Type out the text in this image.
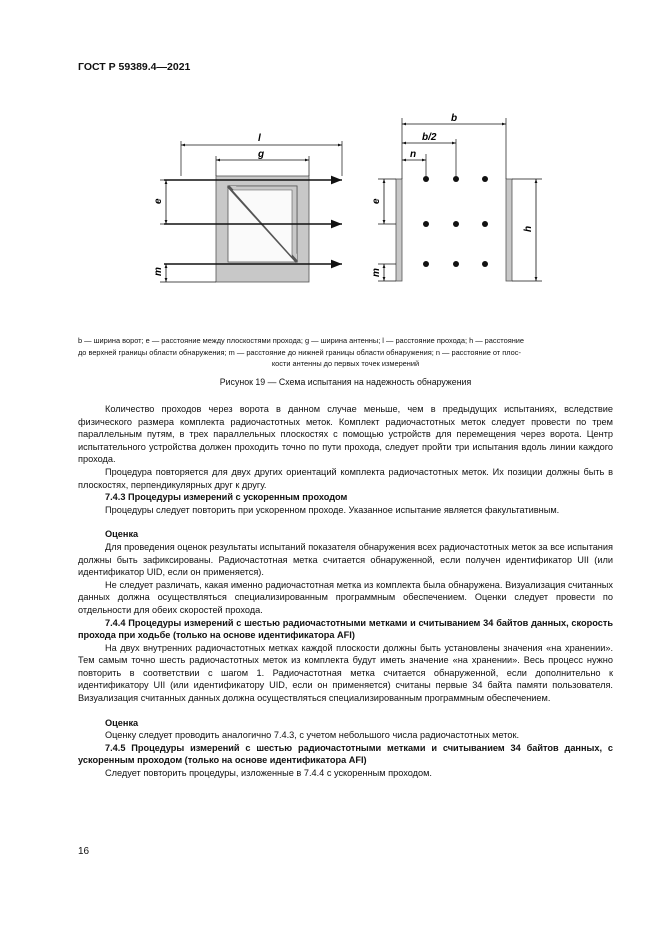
ГОСТ Р 59389.4—2021
l
g
e
m
b
b/2
n
e
m
h
b — ширина ворот; e — расстояние между плоскостями прохода; g — ширина антенны; l — расстояние прохода; h — расстояние
до верхней границы области обнаружения; m — расстояние до нижней границы области обнаружения; n — расстояние от плос-
кости антенны до первых точек измерений
Рисунок 19 — Схема испытания на надежность обнаружения

Количество проходов через ворота в данном случае меньше, чем в предыдущих испытаниях, вследствие физического размера комплекта радиочастотных меток. Комплект радиочастотных меток следует провести по трем параллельным путям, в трех параллельных плоскостях с помощью устройств для перемещения через ворота. Центр испытательного устройства должен проходить точно по пути прохода, следует пройти три испытания вдоль линии каждого прохода.

Процедура повторяется для двух других ориентаций комплекта радиочастотных меток. Их позиции должны быть в плоскостях, перпендикулярных друг к другу.

7.4.3 Процедуры измерений с ускоренным проходом

Процедуры следует повторить при ускоренном проходе. Указанное испытание является факультативным.

Оценка

Для проведения оценок результаты испытаний показателя обнаружения всех радиочастотных меток за все испытания должны быть зафиксированы. Радиочастотная метка считается обнаруженной, если получен идентификатор UII (или идентификатор UID, если он применяется).

Не следует различать, какая именно радиочастотная метка из комплекта была обнаружена. Визуализация считанных данных должна осуществляться специализированным программным обеспечением. Оценки следует провести по отдельности для обеих скоростей прохода.

7.4.4 Процедуры измерений с шестью радиочастотными метками и считыванием 34 байтов данных, скорость прохода при ходьбе (только на основе идентификатора AFI)

На двух внутренних радиочастотных метках каждой плоскости должны быть установлены значения «на хранении». Тем самым точно шесть радиочастотных меток из комплекта будут иметь значение «на хранении». Весь процесс нужно повторить в соответствии с шагом 1. Радиочастотная метка считается обнаруженной, если дополнительно к идентификатору UII (или идентификатору UID, если он применяется) считаны первые 34 байта памяти пользователя. Визуализация считанных данных должна осуществляться специализированным программным обеспечением.

Оценка

Оценку следует проводить аналогично 7.4.3, с учетом небольшого числа радиочастотных меток.

7.4.5 Процедуры измерений с шестью радиочастотными метками и считыванием 34 байтов данных, с ускоренным проходом (только на основе идентификатора AFI)

Следует повторить процедуры, изложенные в 7.4.4 с ускоренным проходом.

16
